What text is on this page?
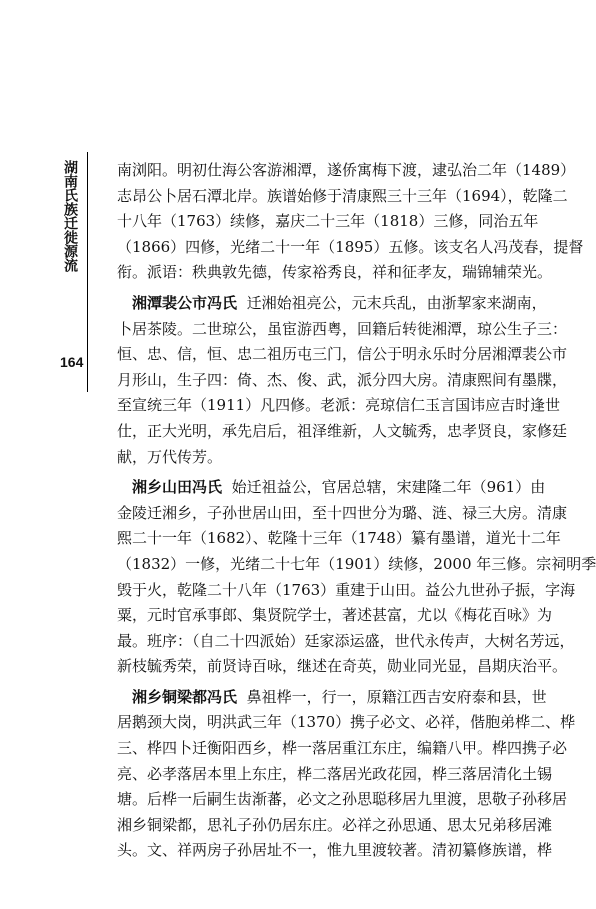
湖南氏族迁徙源流
164
南浏阳。明初仕海公客游湘潭，遂侨寓梅下渡，逮弘治二年（1489）
志昂公卜居石潭北岸。族谱始修于清康熙三十三年（1694），乾隆二
十八年（1763）续修，嘉庆二十三年（1818）三修，同治五年
（1866）四修，光绪二十一年（1895）五修。该支名人冯茂春，提督
衔。派语：秩典敦先德，传家裕秀良，祥和征孝友，瑞锦辅荣光。
湘潭裴公市冯氏 迁湘始祖亮公，元末兵乱，由浙挈家来湖南，
卜居茶陵。二世琼公，虽宦游西粤，回籍后转徙湘潭，琼公生子三：
恒、忠、信，恒、忠二祖历屯三门，信公于明永乐时分居湘潭裴公市
月形山，生子四：倚、杰、俊、武，派分四大房。清康熙间有墨牒，
至宣统三年（1911）凡四修。老派：亮琼信仁玉言国讳应吉时逢世
仕，正大光明，承先启后，祖泽维新，人文毓秀，忠孝贤良，家修廷
献，万代传芳。
湘乡山田冯氏 始迁祖益公，官居总辖，宋建隆二年（961）由
金陵迁湘乡，子孙世居山田，至十四世分为璐、涟、禄三大房。清康
熙二十一年（1682）、乾隆十三年（1748）纂有墨谱，道光十二年
（1832）一修，光绪二十七年（1901）续修，2000 年三修。宗祠明季
毁于火，乾隆二十八年（1763）重建于山田。益公九世孙子振，字海
粟，元时官承事郎、集贤院学士，著述甚富，尤以《梅花百咏》为
最。班序：（自二十四派始）廷家添运盛，世代永传声，大树名芳远，
新枝毓秀荣，前贤诗百咏，继述在奇英，勋业同光显，昌期庆治平。
湘乡铜梁都冯氏 鼻祖桦一，行一，原籍江西吉安府泰和县，世
居鹅颈大岗，明洪武三年（1370）携子必文、必祥，偕胞弟桦二、桦
三、桦四卜迁衡阳西乡，桦一落居重江东庄，编籍八甲。桦四携子必
亮、必孝落居本里上东庄，桦二落居光政花园，桦三落居清化土锡
塘。后桦一后嗣生齿渐蕃，必文之孙思聪移居九里渡，思敬子孙移居
湘乡铜梁都，思礼子孙仍居东庄。必祥之孙思通、思太兄弟移居滩
头。文、祥两房子孙居址不一，惟九里渡较著。清初纂修族谱，桦
